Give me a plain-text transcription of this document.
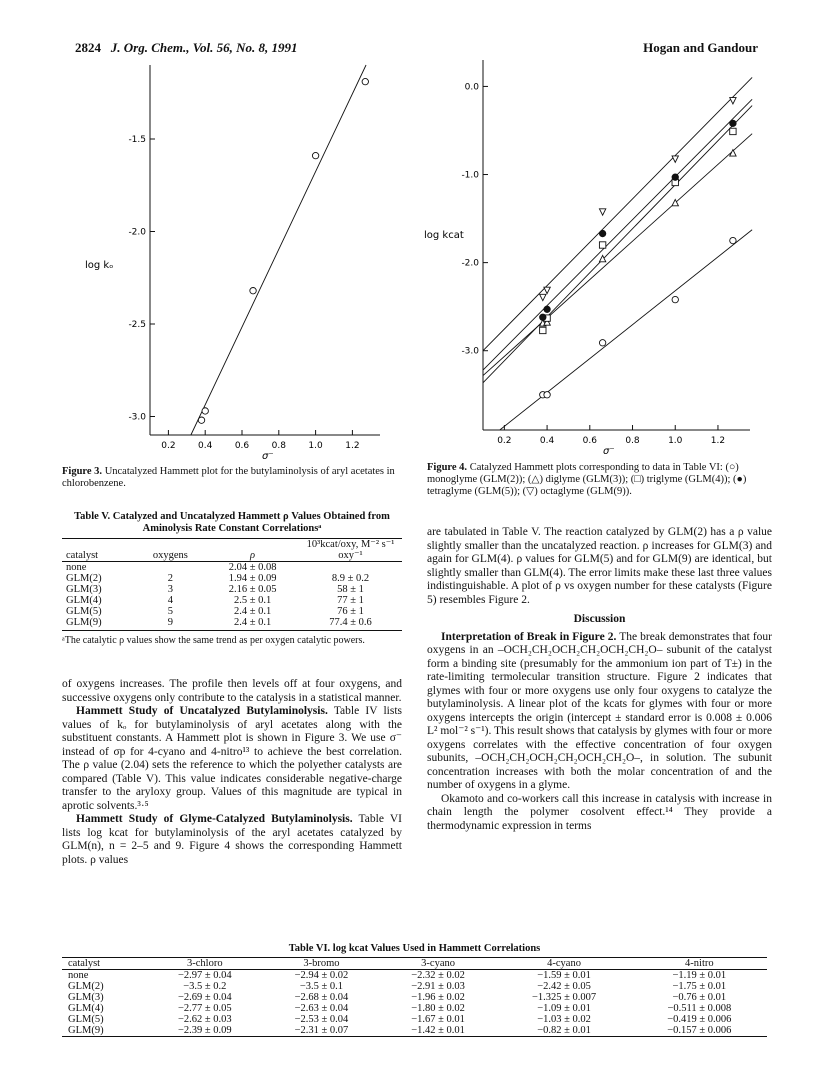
2824 J. Org. Chem., Vol. 56, No. 8, 1991	Hogan and Gandour
-1.5
-2.0
-2.5
-3.0
0.2 0.4 0.6 0.8 1.0 1.2
log kₒ
σ⁻
Figure 3. Uncatalyzed Hammett plot for the butylaminolysis of aryl acetates in chlorobenzene.
0.0
-1.0
-2.0
-3.0
0.2	0.4	0.6	0.8	1.0	1.2
log kcat
σ⁻
Figure 4. Catalyzed Hammett plots corresponding to data in Table VI: (○) monoglyme (GLM(2)); (△) diglyme (GLM(3)); (□) triglyme (GLM(4)); (●) tetraglyme (GLM(5)); (▽) octaglyme (GLM(9)).
Table V. Catalyzed and Uncatalyzed Hammett ρ Values Obtained from Aminolysis Rate Constant Correlationsᵃ
catalyst	oxygens	ρ	10³kcat/oxy, M⁻² s⁻¹ oxy⁻¹
none		2.04 ± 0.08	
GLM(2)	2	1.94 ± 0.09	8.9 ± 0.2
GLM(3)	3	2.16 ± 0.05	58 ± 1
GLM(4)	4	2.5 ± 0.1	77 ± 1
GLM(5)	5	2.4 ± 0.1	76 ± 1
GLM(9)	9	2.4 ± 0.1	77.4 ± 0.6
ᵃThe catalytic ρ values show the same trend as per oxygen catalytic powers.

of oxygens increases. The profile then levels off at four oxygens, and successive oxygens only contribute to the catalysis in a statistical manner.

Hammett Study of Uncatalyzed Butylaminolysis. Table IV lists values of kₒ for butylaminolysis of aryl acetates along with the substituent constants. A Hammett plot is shown in Figure 3. We use σ⁻ instead of σp for 4-cyano and 4-nitro¹³ to achieve the best correlation. The ρ value (2.04) sets the reference to which the polyether catalysts are compared (Table V). This value indicates considerable negative-charge transfer to the aryloxy group. Values of this magnitude are typical in aprotic solvents.³·⁵

Hammett Study of Glyme-Catalyzed Butylaminolysis. Table VI lists log kcat for butylaminolysis of the aryl acetates catalyzed by GLM(n), n = 2–5 and 9. Figure 4 shows the corresponding Hammett plots. ρ values

are tabulated in Table V. The reaction catalyzed by GLM(2) has a ρ value slightly smaller than the uncatalyzed reaction. ρ increases for GLM(3) and again for GLM(4). ρ values for GLM(5) and for GLM(9) are identical, but slightly smaller than GLM(4). The error limits make these last three values indistinguishable. A plot of ρ vs oxygen number for these catalysts (Figure 5) resembles Figure 2.

Discussion

Interpretation of Break in Figure 2. The break demonstrates that four oxygens in an –OCH₂CH₂OCH₂CH₂OCH₂CH₂O– subunit of the catalyst form a binding site (presumably for the ammonium ion part of T±) in the rate-limiting termolecular transition structure. Figure 2 indicates that glymes with four or more oxygens use only four oxygens to catalyze the butylaminolysis. A linear plot of the kcats for glymes with four or more oxygens intercepts the origin (intercept ± standard error is 0.008 ± 0.006 L² mol⁻² s⁻¹). This result shows that catalysis by glymes with four or more oxygens correlates with the effective concentration of four oxygen subunits, –OCH₂CH₂OCH₂CH₂OCH₂CH₂O–, in solution. The subunit concentration increases with both the molar concentration of and the number of oxygens in a glyme.

Okamoto and co-workers call this increase in catalysis with increase in chain length the polymer cosolvent effect.¹⁴ They provide a thermodynamic expression in terms

Table VI. log kcat Values Used in Hammett Correlations
catalyst	3-chloro	3-bromo	3-cyano	4-cyano	4-nitro
none	−2.97 ± 0.04	−2.94 ± 0.02	−2.32 ± 0.02	−1.59 ± 0.01	−1.19 ± 0.01
GLM(2)	−3.5 ± 0.2	−3.5 ± 0.1	−2.91 ± 0.03	−2.42 ± 0.05	−1.75 ± 0.01
GLM(3)	−2.69 ± 0.04	−2.68 ± 0.04	−1.96 ± 0.02	−1.325 ± 0.007	−0.76 ± 0.01
GLM(4)	−2.77 ± 0.05	−2.63 ± 0.04	−1.80 ± 0.02	−1.09 ± 0.01	−0.511 ± 0.008
GLM(5)	−2.62 ± 0.03	−2.53 ± 0.04	−1.67 ± 0.01	−1.03 ± 0.02	−0.419 ± 0.006
GLM(9)	−2.39 ± 0.09	−2.31 ± 0.07	−1.42 ± 0.01	−0.82 ± 0.01	−0.157 ± 0.006
